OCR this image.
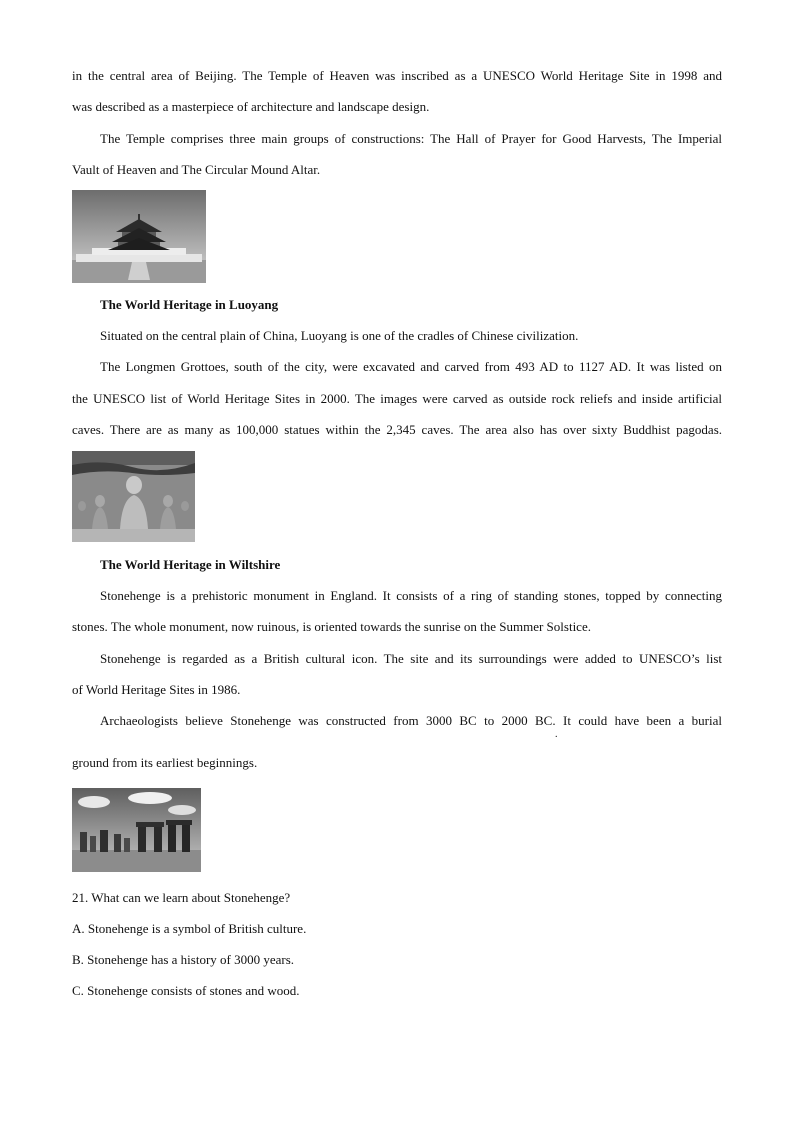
in the central area of Beijing. The Temple of Heaven was inscribed as a UNESCO World Heritage Site in 1998 and
was described as a masterpiece of architecture and landscape design.
The Temple comprises three main groups of constructions: The Hall of Prayer for Good Harvests, The Imperial
Vault of Heaven and The Circular Mound Altar.
The World Heritage in Luoyang
Situated on the central plain of China, Luoyang is one of the cradles of Chinese civilization.
The Longmen Grottoes, south of the city, were excavated and carved from 493 AD to 1127 AD. It was listed on
the UNESCO list of World Heritage Sites in 2000. The images were carved as outside rock reliefs and inside artificial
caves. There are as many as 100,000 statues within the 2,345 caves. The area also has over sixty Buddhist pagodas.
The World Heritage in Wiltshire
Stonehenge is a prehistoric monument in England. It consists of a ring of standing stones, topped by connecting
stones. The whole monument, now ruinous, is oriented towards the sunrise on the Summer Solstice.
Stonehenge is regarded as a British cultural icon. The site and its surroundings were added to UNESCO’s list
of World Heritage Sites in 1986.
Archaeologists believe Stonehenge was constructed from 3000 BC to 2000 BC. It could have been a burial
.
ground from its earliest beginnings.
21. What can we learn about Stonehenge?
A. Stonehenge is a symbol of British culture.
B. Stonehenge has a history of 3000 years.
C. Stonehenge consists of stones and wood.
